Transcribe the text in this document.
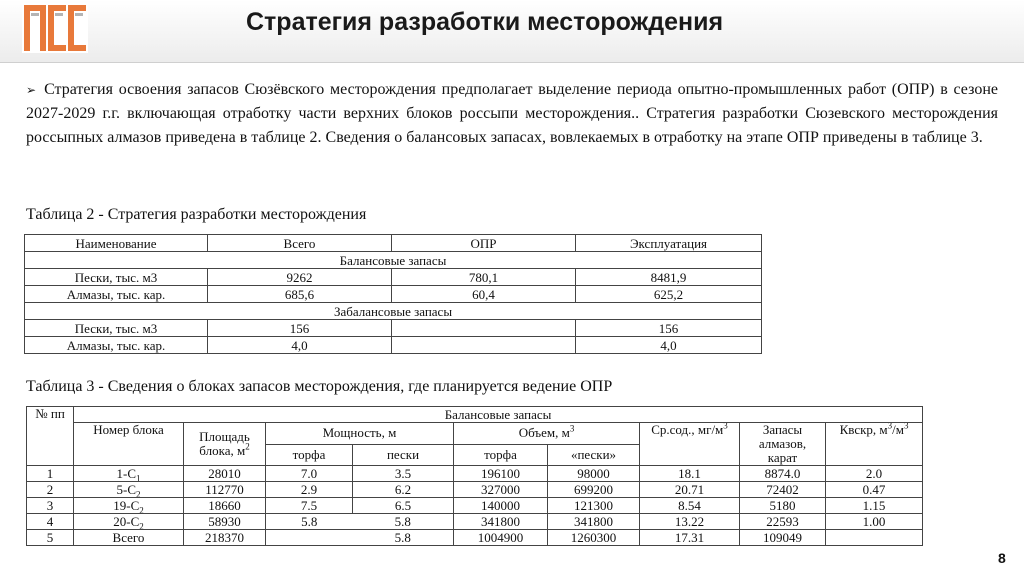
Стратегия разработки месторождения

➢ Стратегия освоения запасов Сюзёвского месторождения предполагает выделение периода опытно-промышленных работ (ОПР) в сезоне 2027-2029 г.г. включающая отработку части верхних блоков россыпи месторождения.. Стратегия разработки Сюзевского месторождения россыпных алмазов приведена в таблице 2. Сведения о балансовых запасах, вовлекаемых в отработку на этапе ОПР приведены в таблице 3.

Таблица 2 - Стратегия разработки месторождения
Наименование	Всего	ОПР	Эксплуатация
Балансовые запасы			
Пески, тыс. м3	9262	780,1	8481,9
Алмазы, тыс. кар.	685,6	60,4	625,2
Забалансовые запасы			
Пески, тыс. м3	156		156
Алмазы, тыс. кар.	4,0		4,0
Таблица 3 - Сведения о блоках запасов месторождения, где планируется ведение ОПР
№ пп	Балансовые запасы								
	Номер блока	Площадь блока, $м^2$	Мощность, м		Объем, $м^3$		Ср.сод., $мг/м^3$	Запасы алмазов, карат	Квскр, $м^3/м^3$
			торфа	пески	торфа	«пески»			
1	$1-С_1$	28010	7.0	3.5	196100	98000	18.1	8874.0	2.0
2	$5-С_2$	112770	2.9	6.2	327000	699200	20.71	72402	0.47
3	$19-С_2$	18660	7.5	6.5	140000	121300	8.54	5180	1.15
4	$20-С_2$	58930	5.8	5.8	341800	341800	13.22	22593	1.00
5	Всего	218370		5.8	1004900	1260300	17.31	109049	
8
